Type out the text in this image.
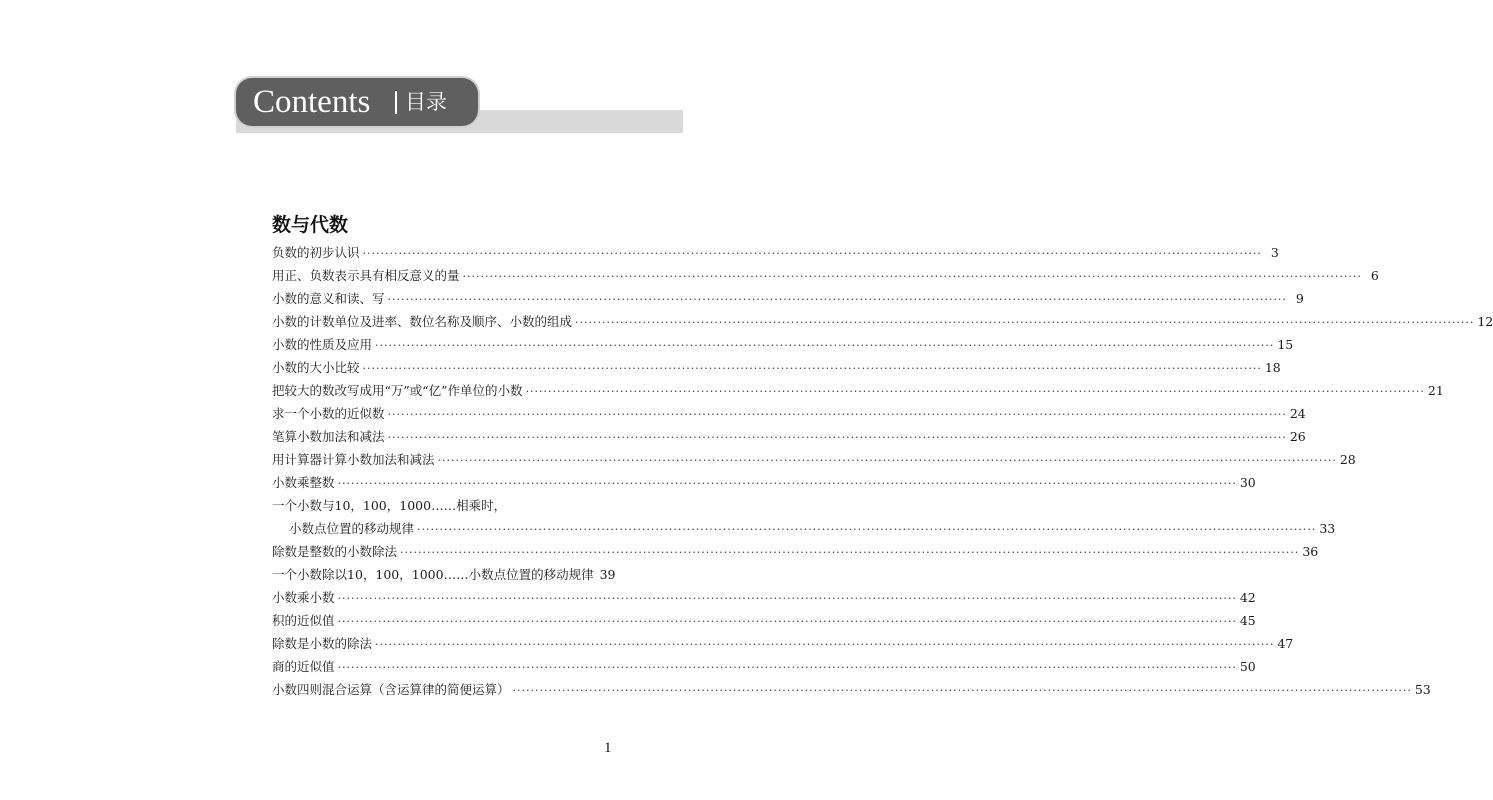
Contents 目录
数与代数
负数的初步认识 ········································································································································································································ 3
用正、负数表示具有相反意义的量 ········································································································································································································ 6
小数的意义和读、写 ········································································································································································································ 9
小数的计数单位及进率、数位名称及顺序、小数的组成 ········································································································································································································ 12
小数的性质及应用 ········································································································································································································ 15
小数的大小比较 ········································································································································································································ 18
把较大的数改写成用“万”或“亿”作单位的小数 ········································································································································································································ 21
求一个小数的近似数 ········································································································································································································ 24
笔算小数加法和减法 ········································································································································································································ 26
用计算器计算小数加法和减法 ········································································································································································································ 28
小数乘整数 ········································································································································································································ 30
一个小数与10，100，1000……相乘时，
小数点位置的移动规律 ········································································································································································································ 33
除数是整数的小数除法 ········································································································································································································ 36
一个小数除以10，100，1000……小数点位置的移动规律 39
小数乘小数 ········································································································································································································ 42
积的近似值 ········································································································································································································ 45
除数是小数的除法 ········································································································································································································ 47
商的近似值 ········································································································································································································ 50
小数四则混合运算（含运算律的简便运算） ········································································································································································································ 53
1
